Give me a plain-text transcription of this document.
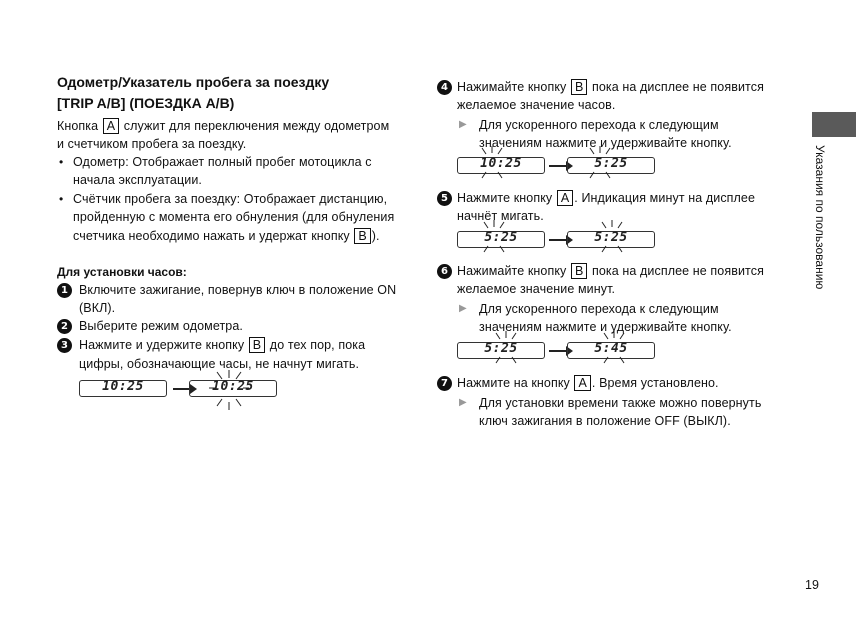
Одометр/Указатель пробега за поездку
[TRIP A/B] (ПОЕЗДКА A/B)
Кнопка A служит для переключения между одометром
и счетчиком пробега за поездку.
• Одометр: Отображает полный пробег мотоцикла с
начала эксплуатации.
• Счётчик пробега за поездку: Отображает дистанцию,
пройденную с момента его обнуления (для обнуления
счетчика необходимо нажать и удержат кнопку B ).
Для установки часов:
1 Включите зажигание, повернув ключ в положение ON
(ВКЛ).
2 Выберите режим одометра.
3 Нажмите и удержите кнопку B до тех пор, пока
цифры, обозначающие часы, не начнут мигать.
10:25	10:25
4 Нажимайте кнопку B пока на дисплее не появится
желаемое значение часов.
▶ Для ускоренного перехода к следующим
значениям нажмите и удерживайте кнопку.
10:25	5:25
5 Нажмите кнопку A . Индикация минут на дисплее
начнёт мигать.
5:25	5:25
6 Нажимайте кнопку B пока на дисплее не появится
желаемое значение минут.
▶ Для ускоренного перехода к следующим
значениям нажмите и удерживайте кнопку.
5:25	5:45
7 Нажмите на кнопку A . Время установлено.
▶ Для установки времени также можно повернуть
ключ зажигания в положение OFF (ВЫКЛ).
Указания по пользованию
19
